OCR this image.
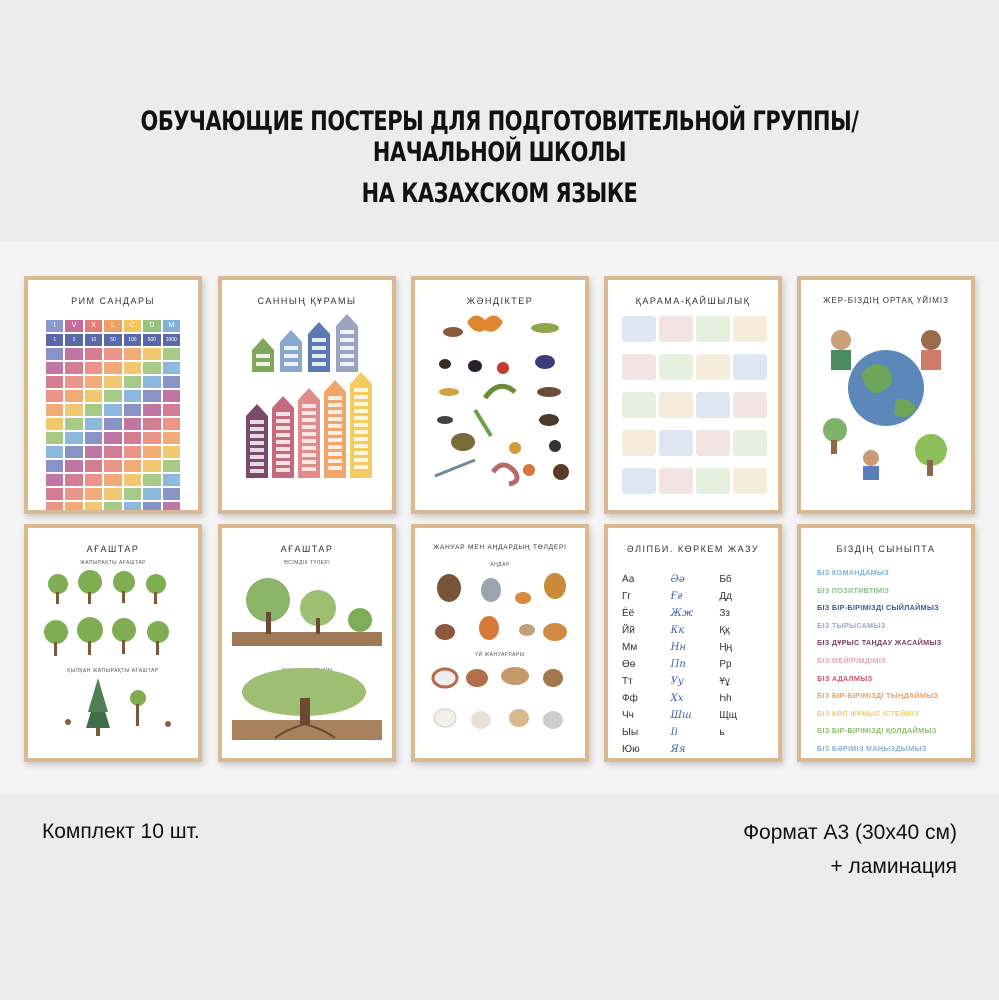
ОБУЧАЮЩИЕ ПОСТЕРЫ ДЛЯ ПОДГОТОВИТЕЛЬНОЙ ГРУППЫ/НАЧАЛЬНОЙ ШКОЛЫ
НА КАЗАХСКОМ ЯЗЫКЕ
РИМ САНДАРЫ
I	V	X	L	C	D	M
1	5	10	50	100	500	1000
САННЫҢ ҚҰРАМЫ	ЖӘНДІКТЕР	ҚАРАМА-ҚАЙШЫЛЫҚ	ЖЕР-БІЗДІҢ ОРТАҚ ҮЙІМІЗ
АҒАШТАР
ЖАПЫРАҚТЫ АҒАШТАР
ҚЫЛҚАН ЖАПЫРАҚТЫ АҒАШТАР
АҒАШТАР
ӨСІМДІК ТҮЛЕРІ
ЖАНУАР МЕН АҢДАРДЫҢ ТӨЛДЕРІ
АҢДАР
ҮЙ ЖАНУАРЛАРЫ
ӘЛІПБИ. КӨРКЕМ ЖАЗУ
Аа	Әә	Бб
Гг	Ғғ	Дд
Ёё	Жж	Зз
Йй	Кк	Ққ
Мм	Нн	Ңң
Өө	Пп	Рр
Тт	Уу	Ұұ
Фф	Хх	Һһ
Чч	Шш	Щщ
Ыы	Іі	ь
Юю	Яя
БІЗДІҢ СЫНЫПТА
БІЗ КОМАНДАМЫЗ
БІЗ ПОЗИТИВТІМІЗ
БІЗ БІР-БІРІМІЗДІ СЫЙЛАЙМЫЗ
БІЗ ТЫРЫСАМЫЗ
БІЗ ДҰРЫС ТАҢДАУ ЖАСАЙМЫЗ
БІЗ МЕЙІРІМДІМІЗ
БІЗ АДАЛМЫЗ
БІЗ БІР-БІРІМІЗДІ ТЫҢДАЙМЫЗ
БІЗ КӨП ЖҰМЫС ІСТЕЙМІЗ
БІЗ БІР-БІРІМІЗДІ ҚОЛДАЙМЫЗ
БІЗ БӘРІМІЗ МАҢЫЗДЫМЫЗ
Комплект 10 шт.	Формат А3 (30х40 см)
+ ламинация
